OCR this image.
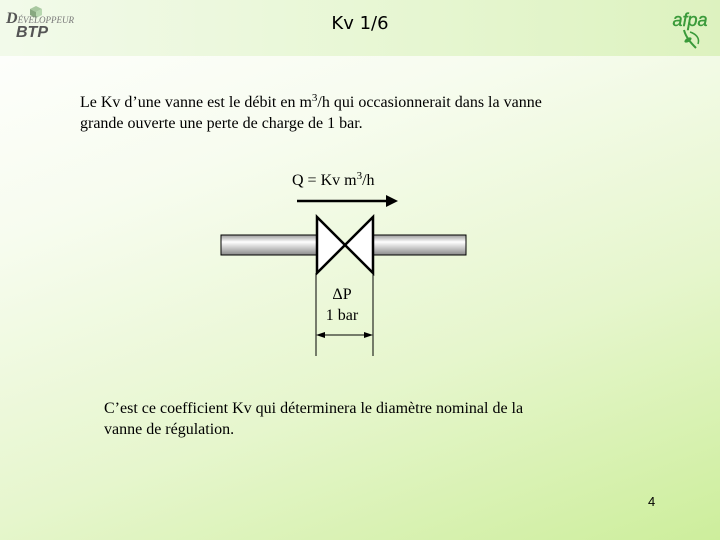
DÉVELOPPEUR
BTP	Kv 1/6	afpa

Le Kv d’une vanne est le débit en $m^3/h$ qui occasionnerait dans la vanne
grande ouverte une perte de charge de 1 bar.

Q = Kv $m^3/h$
ΔP
1 bar

C’est ce coefficient Kv qui déterminera le diamètre nominal de la
vanne de régulation.

4
